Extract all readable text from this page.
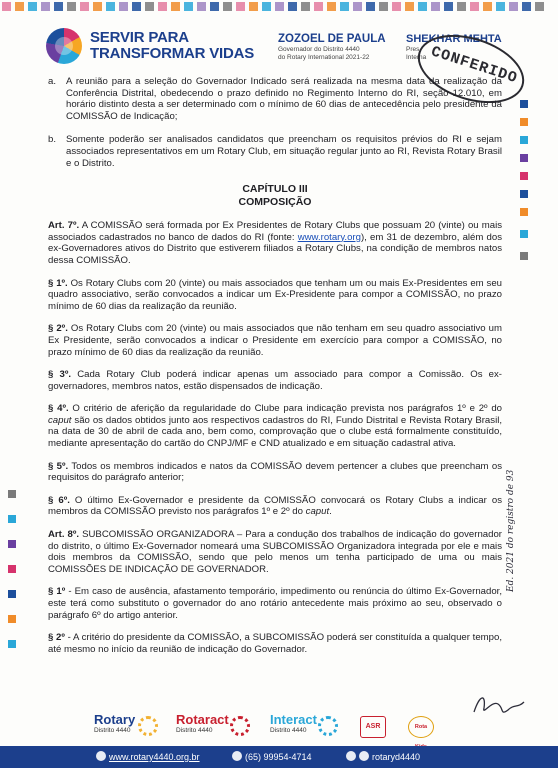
SERVIR PARA
TRANSFORMAR VIDAS
ZOZOEL DE PAULA
Governador do Distrito 4440
do Rotary International 2021-22
SHEKHAR MEHTA
Pres
Interna CONFERIDO
a. A reunião para a seleção do Governador Indicado será realizada na mesma data da realização da Conferência Distrital, obedecendo o prazo definido no Regimento Interno do RI, seção 12.010, em horário distinto desta a ser determinado com o mínimo de 60 dias de antecedência pelo presidente da COMISSÃO de Indicação;
b. Somente poderão ser analisados candidatos que preencham os requisitos prévios do RI e sejam associados representativos em um Rotary Club, em situação regular junto ao RI, Revista Rotary Brasil e o Distrito.
CAPÍTULO III
COMPOSIÇÃO
Art. 7º. A COMISSÃO será formada por Ex Presidentes de Rotary Clubs que possuam 20 (vinte) ou mais associados cadastrados no banco de dados do RI (fonte: www.rotary.org), em 31 de dezembro, além dos ex-Governadores ativos do Distrito que estiverem filiados a Rotary Clubs, na condição de membros natos dessa COMISSÃO.
§ 1º. Os Rotary Clubs com 20 (vinte) ou mais associados que tenham um ou mais Ex-Presidentes em seu quadro associativo, serão convocados a indicar um Ex-Presidente para compor a COMISSÃO, no prazo mínimo de 60 dias da realização da reunião.
§ 2º. Os Rotary Clubs com 20 (vinte) ou mais associados que não tenham em seu quadro associativo um Ex Presidente, serão convocados a indicar o Presidente em exercício para compor a COMISSÃO, no prazo mínimo de 60 dias da realização da reunião.
§ 3º. Cada Rotary Club poderá indicar apenas um associado para compor a Comissão. Os ex-governadores, membros natos, estão dispensados de indicação.
§ 4º. O critério de aferição da regularidade do Clube para indicação prevista nos parágrafos 1º e 2º do caput são os dados obtidos junto aos respectivos cadastros do RI, Fundo Distrital e Revista Rotary Brasil, na data de 30 de abril de cada ano, bem como, comprovação que o clube está formalmente constituído, mediante apresentação do cartão do CNPJ/MF e CND atualizado e em situação cadastral ativa.
§ 5º. Todos os membros indicados e natos da COMISSÃO devem pertencer a clubes que preencham os requisitos do parágrafo anterior;
§ 6º. O último Ex-Governador e presidente da COMISSÃO convocará os Rotary Clubs a indicar os membros da COMISSÃO previsto nos parágrafos 1º e 2º do caput.
Art. 8º. SUBCOMISSÃO ORGANIZADORA – Para a condução dos trabalhos de indicação do governador do distrito, o último Ex-Governador nomeará uma SUBCOMISSÃO Organizadora integrada por ele e mais dois membros da COMISSÃO, sendo que pelo menos um tenha participado de uma ou mais COMISSÕES DE INDICAÇÃO DE GOVERNADOR.
§ 1º - Em caso de ausência, afastamento temporário, impedimento ou renúncia do último Ex-Governador, este terá como substituto o governador do ano rotário antecedente mais próximo ao seu, observado o parágrafo 6º do artigo anterior.
§ 2º - A critério do presidente da COMISSÃO, a SUBCOMISSÃO poderá ser constituída a qualquer tempo, até mesmo no início da reunião de indicação do Governador.
Ed. 2021 do registro de 93
Rotary
Distrito 4440
Rotaract
Distrito 4440
Interact
Distrito 4440
ASR	Rota
www.rotary4440.org.br	(65) 99954-4714	rotaryd4440
